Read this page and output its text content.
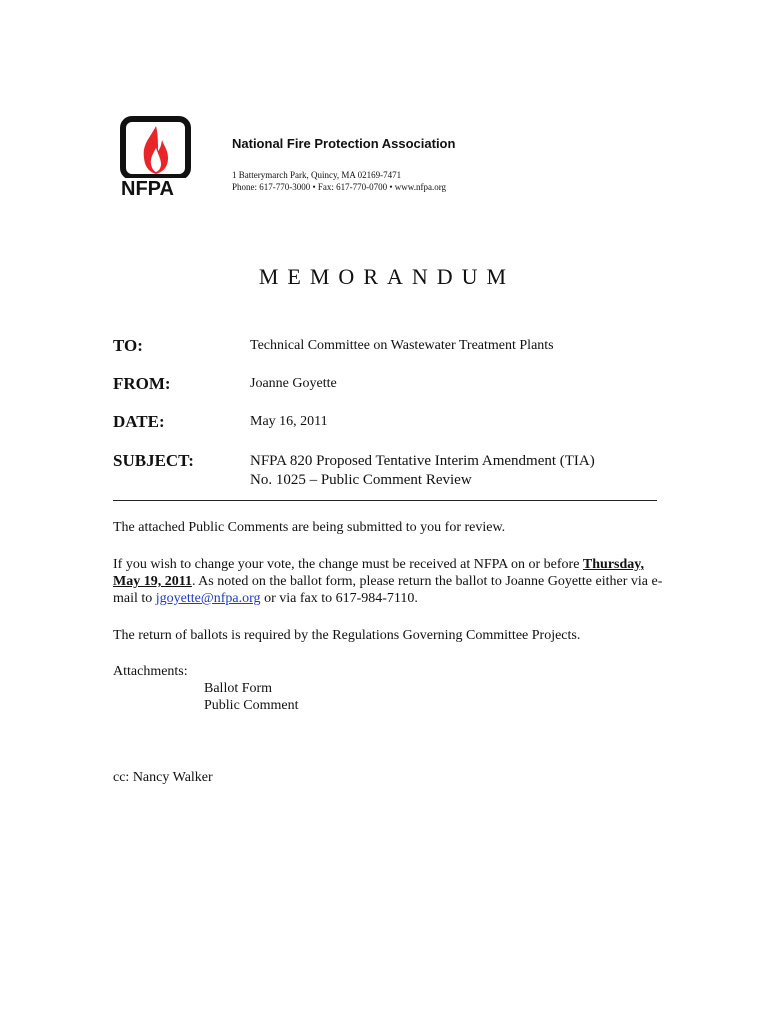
NFPA
National Fire Protection Association
1 Batterymarch Park, Quincy, MA 02169-7471
Phone: 617-770-3000 • Fax: 617-770-0700 • www.nfpa.org
MEMORANDUM
TO:	Technical Committee on Wastewater Treatment Plants
FROM:	Joanne Goyette
DATE:	May 16, 2011
SUBJECT:	NFPA 820 Proposed Tentative Interim Amendment (TIA)
No. 1025 – Public Comment Review

The attached Public Comments are being submitted to you for review.

If you wish to change your vote, the change must be received at NFPA on or before Thursday, May 19, 2011. As noted on the ballot form, please return the ballot to Joanne Goyette either via e-mail to jgoyette@nfpa.org or via fax to 617-984-7110.

The return of ballots is required by the Regulations Governing Committee Projects.

Attachments:
Ballot Form
Public Comment
cc: Nancy Walker
